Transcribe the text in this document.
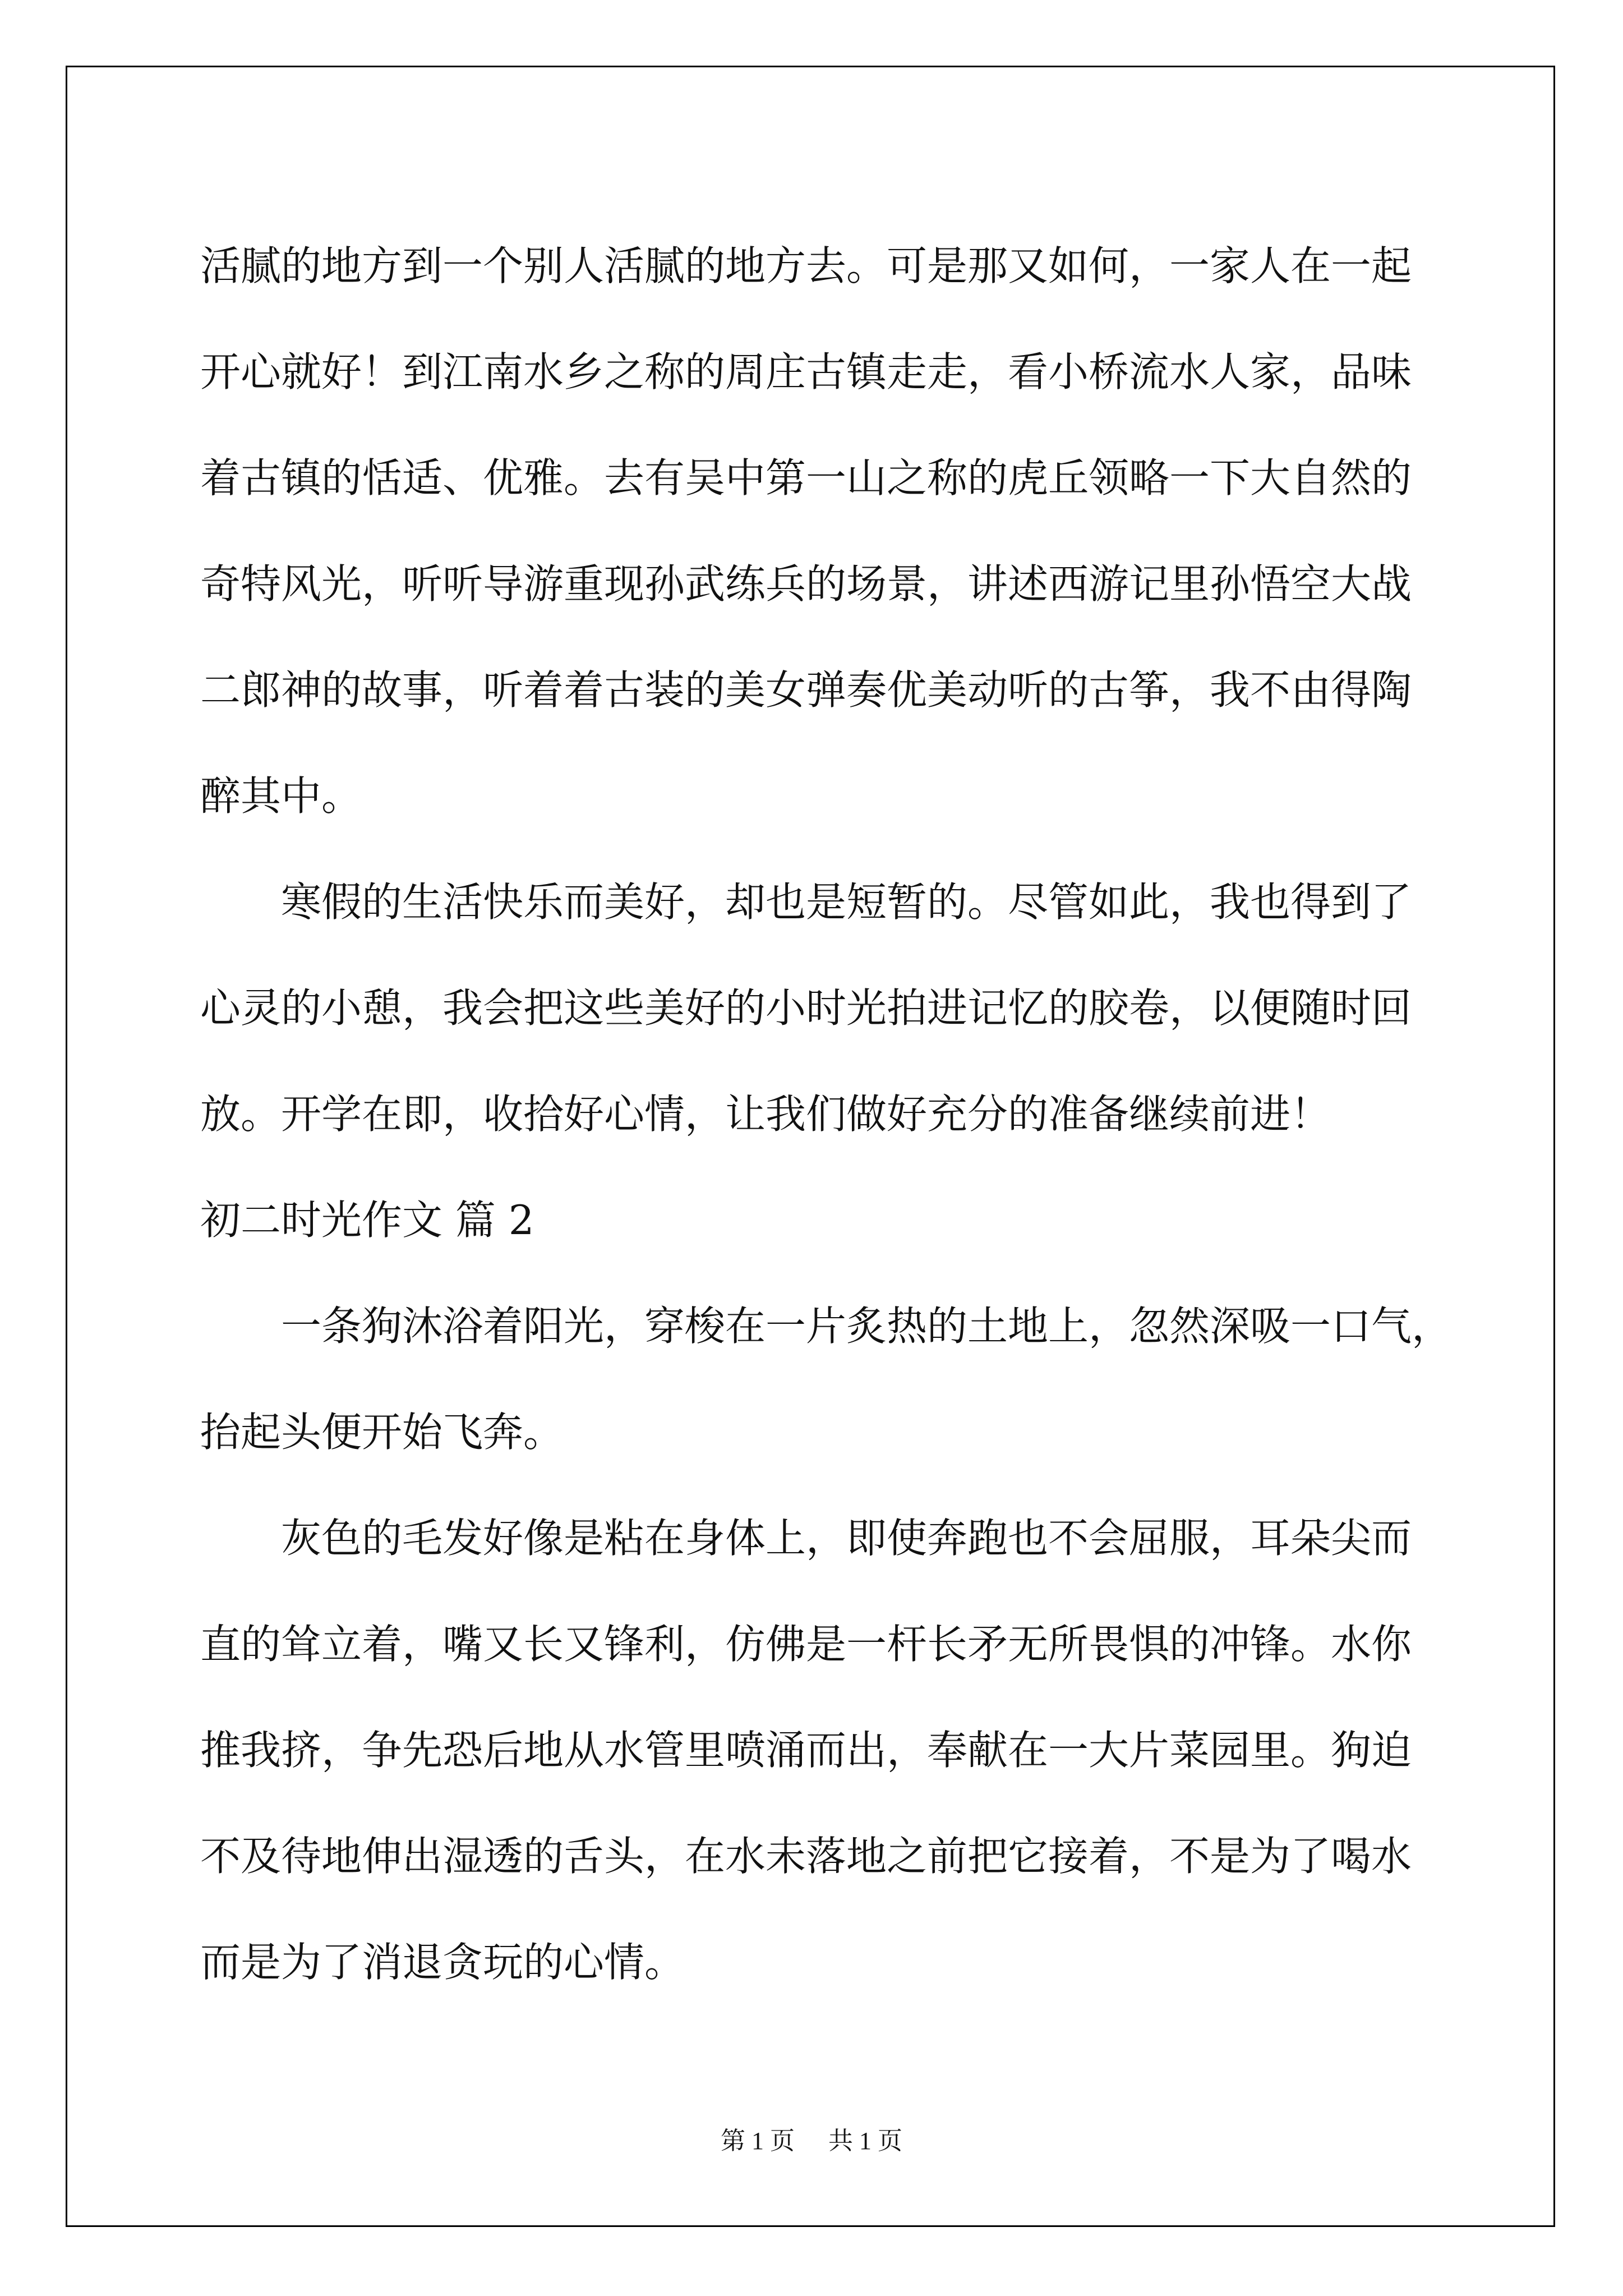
活腻的地方到一个别人活腻的地方去。可是那又如何，一家人在一起
开心就好！到江南水乡之称的周庄古镇走走，看小桥流水人家，品味
着古镇的恬适、优雅。去有吴中第一山之称的虎丘领略一下大自然的
奇特风光，听听导游重现孙武练兵的场景，讲述西游记里孙悟空大战
二郎神的故事，听着着古装的美女弹奏优美动听的古筝，我不由得陶
醉其中。
寒假的生活快乐而美好，却也是短暂的。尽管如此，我也得到了
心灵的小憩，我会把这些美好的小时光拍进记忆的胶卷，以便随时回
放。开学在即，收拾好心情，让我们做好充分的准备继续前进！
初二时光作文 篇 2
一条狗沐浴着阳光，穿梭在一片炙热的土地上，忽然深吸一口气，
抬起头便开始飞奔。
灰色的毛发好像是粘在身体上，即使奔跑也不会屈服，耳朵尖而
直的耸立着，嘴又长又锋利，仿佛是一杆长矛无所畏惧的冲锋。水你
推我挤，争先恐后地从水管里喷涌而出，奉献在一大片菜园里。狗迫
不及待地伸出湿透的舌头，在水未落地之前把它接着，不是为了喝水
而是为了消退贪玩的心情。
第 1 页 共 1 页
